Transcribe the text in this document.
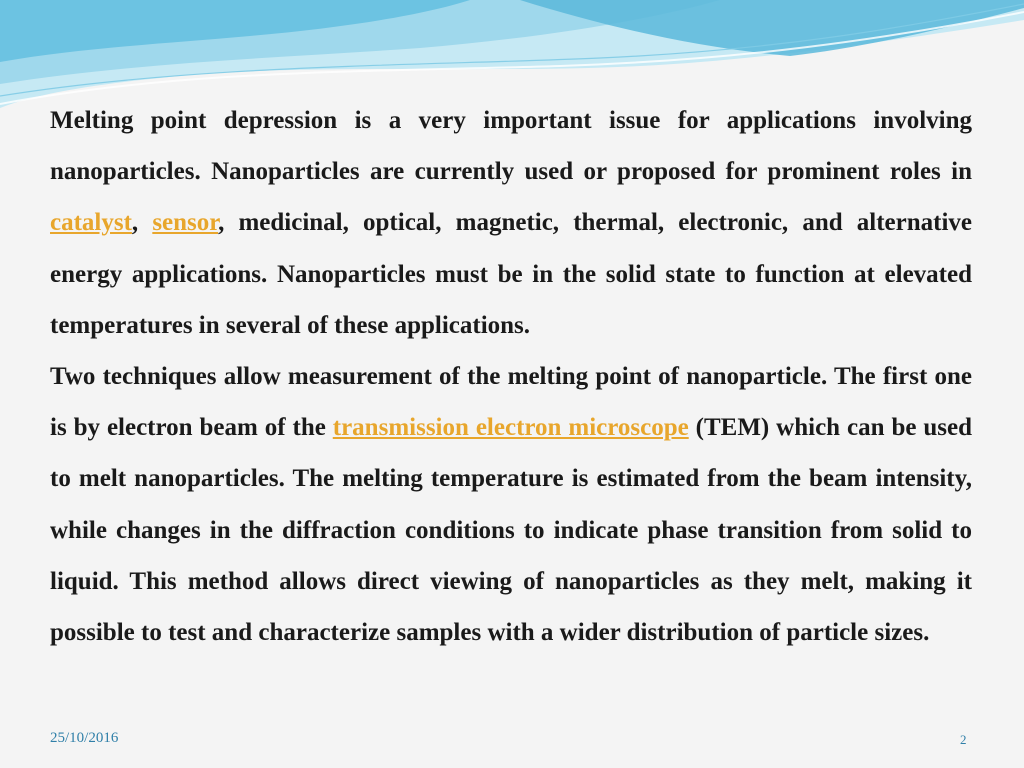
Melting point depression is a very important issue for applications involving nanoparticles. Nanoparticles are currently used or proposed for prominent roles in catalyst, sensor, medicinal, optical, magnetic, thermal, electronic, and alternative energy applications. Nanoparticles must be in the solid state to function at elevated temperatures in several of these applications.

Two techniques allow measurement of the melting point of nanoparticle. The first one is by electron beam of the transmission electron microscope (TEM) which can be used to melt nanoparticles. The melting temperature is estimated from the beam intensity, while changes in the diffraction conditions to indicate phase transition from solid to liquid. This method allows direct viewing of nanoparticles as they melt, making it possible to test and characterize samples with a wider distribution of particle sizes.

25/10/2016	2
